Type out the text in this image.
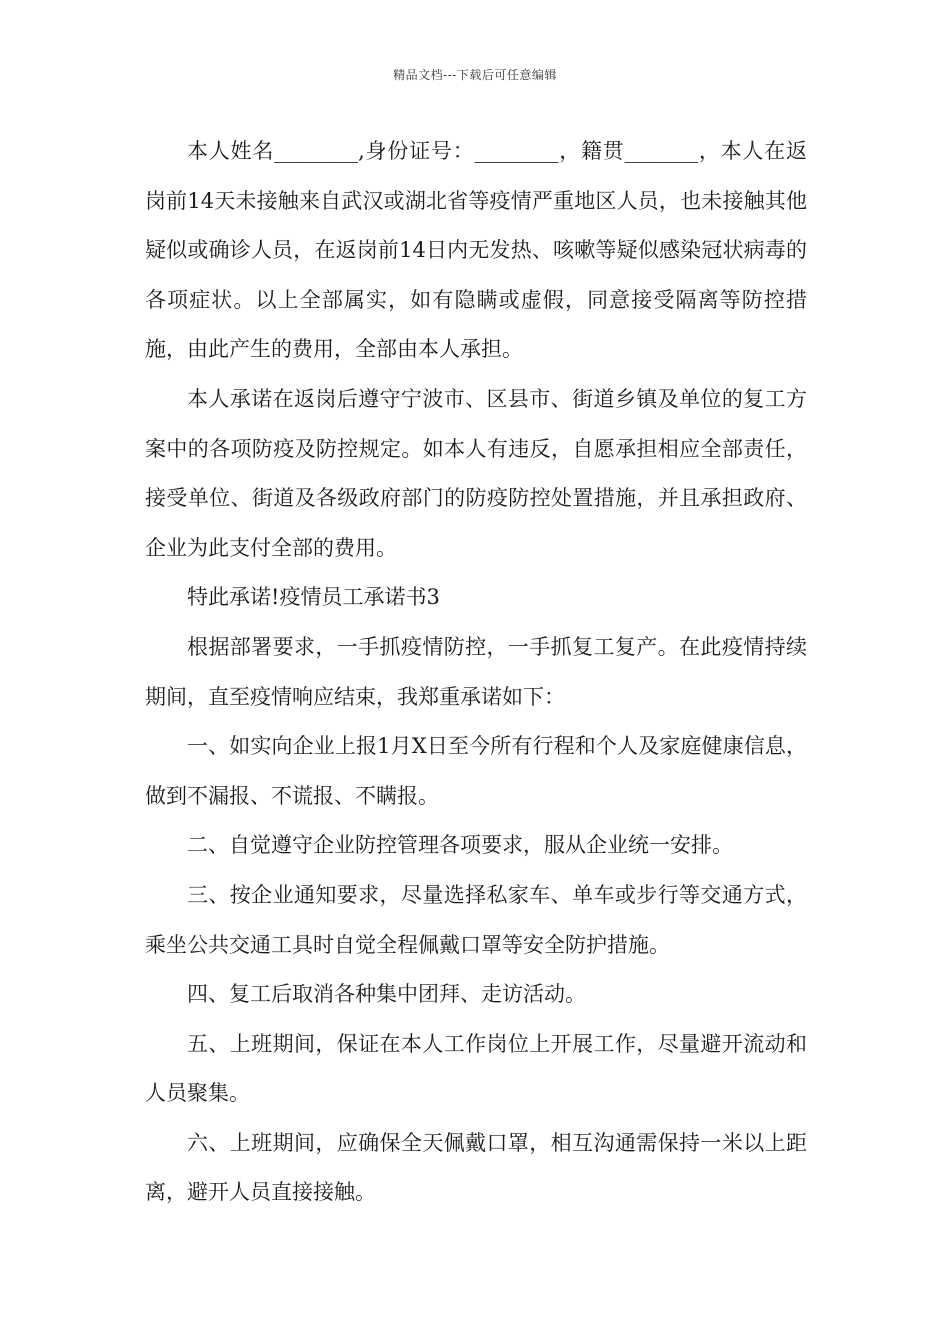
精品文档---下载后可任意编辑

本人姓名________,身份证号：________，籍贯_______，本人在返岗前14天未接触来自武汉或湖北省等疫情严重地区人员，也未接触其他疑似或确诊人员，在返岗前14日内无发热、咳嗽等疑似感染冠状病毒的各项症状。以上全部属实，如有隐瞒或虚假，同意接受隔离等防控措施，由此产生的费用，全部由本人承担。

本人承诺在返岗后遵守宁波市、区县市、街道乡镇及单位的复工方案中的各项防疫及防控规定。如本人有违反，自愿承担相应全部责任，接受单位、街道及各级政府部门的防疫防控处置措施，并且承担政府、企业为此支付全部的费用。

特此承诺!疫情员工承诺书3

根据部署要求，一手抓疫情防控，一手抓复工复产。在此疫情持续期间，直至疫情响应结束，我郑重承诺如下：

一、如实向企业上报1月X日至今所有行程和个人及家庭健康信息，做到不漏报、不谎报、不瞒报。

二、自觉遵守企业防控管理各项要求，服从企业统一安排。

三、按企业通知要求，尽量选择私家车、单车或步行等交通方式，乘坐公共交通工具时自觉全程佩戴口罩等安全防护措施。

四、复工后取消各种集中团拜、走访活动。

五、上班期间，保证在本人工作岗位上开展工作，尽量避开流动和人员聚集。

六、上班期间，应确保全天佩戴口罩，相互沟通需保持一米以上距离，避开人员直接接触。
